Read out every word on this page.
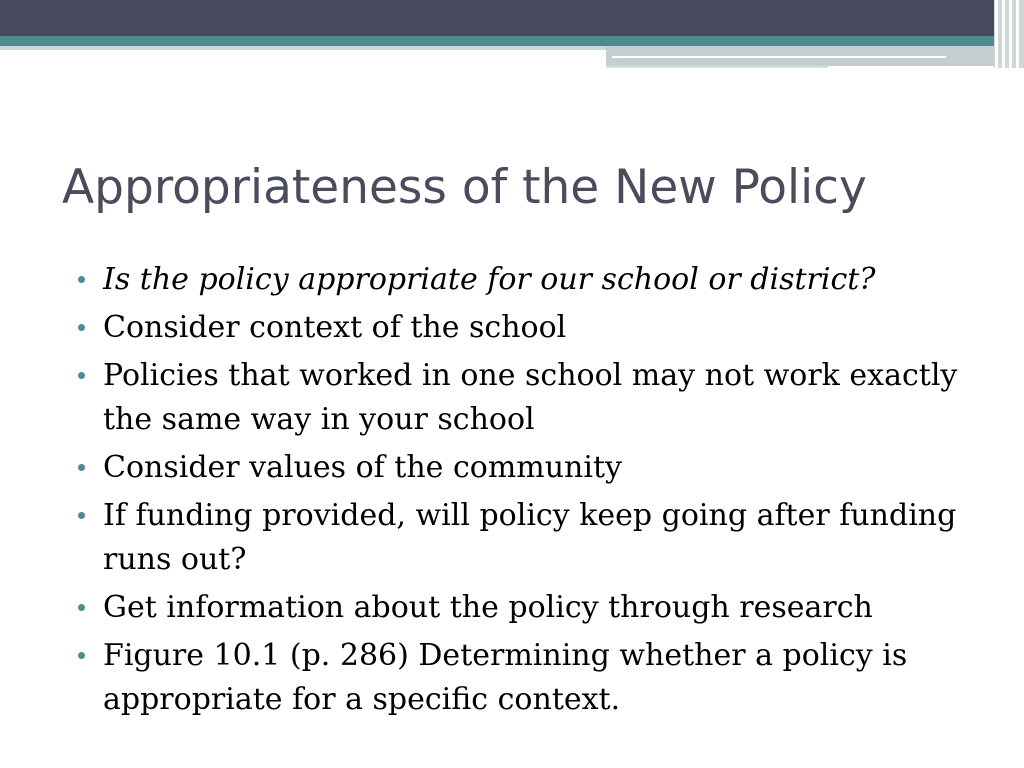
Appropriateness of the New Policy
Is the policy appropriate for our school or district?
Consider context of the school
Policies that worked in one school may not work exactly the same way in your school
Consider values of the community
If funding provided, will policy keep going after funding runs out?
Get information about the policy through research
Figure 10.1 (p. 286) Determining whether a policy is appropriate for a specific context.
